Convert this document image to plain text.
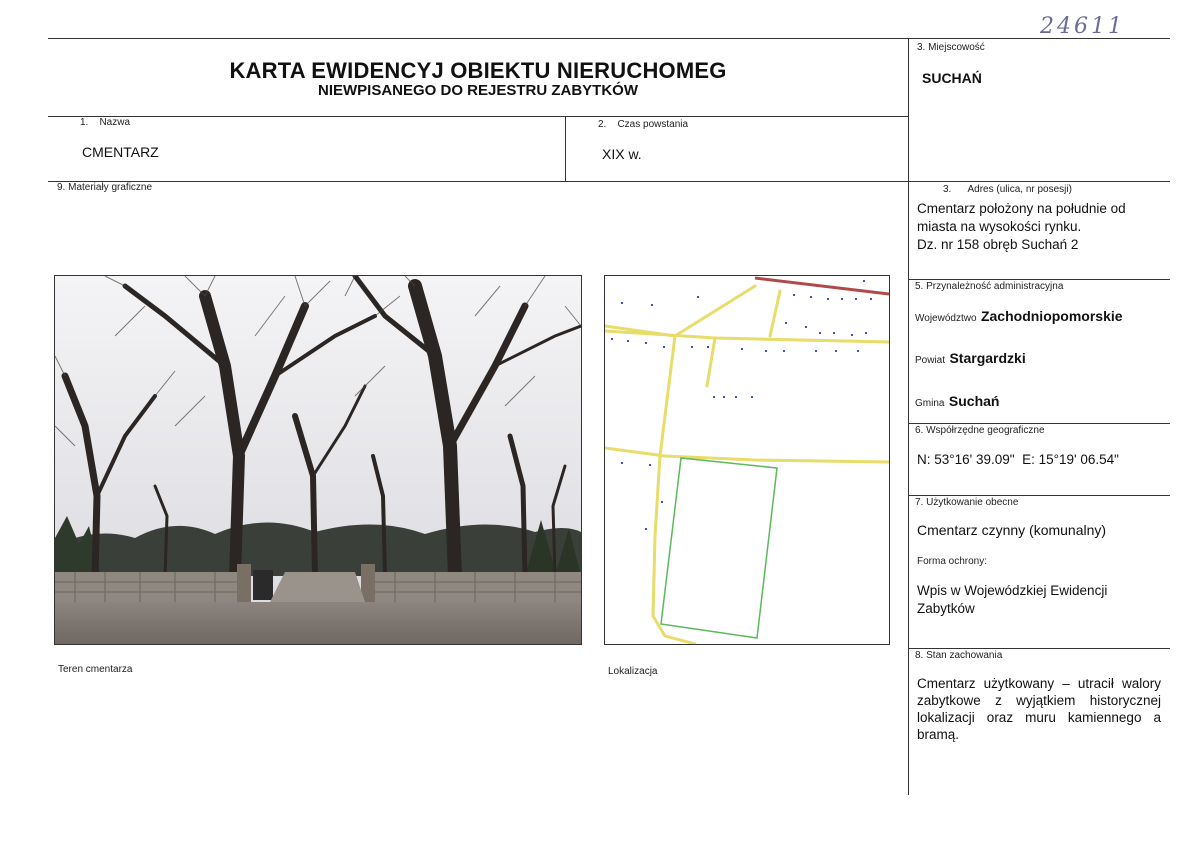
24611
KARTA EWIDENCYJ OBIEKTU NIERUCHOMEG
NIEWPISANEGO DO REJESTRU ZABYTKÓW
3. Miejscowość
SUCHAŃ
1.    Nazwa
CMENTARZ
2.    Czas powstania
XIX w.
9. Materiały graficzne	3.      Adres (ulica, nr posesji)
Cmentarz położony na południe od
miasta na wysokości rynku.
Dz. nr 158 obręb Suchań 2
5. Przynależność administracyjna
Województwo Zachodniopomorskie
Powiat Stargardzki
Gmina Suchań
6. Współrzędne geograficzne
N: 53°16' 39.09"  E: 15°19' 06.54"
7. Użytkowanie obecne
Cmentarz czynny (komunalny)
Forma ochrony:
Wpis w Wojewódzkiej Ewidencji
Zabytków
8. Stan zachowania
Cmentarz użytkowany – utracił walory
zabytkowe z wyjątkiem historycznej
lokalizacji oraz muru kamiennego a
bramą.
Teren cmentarza	Lokalizacja
